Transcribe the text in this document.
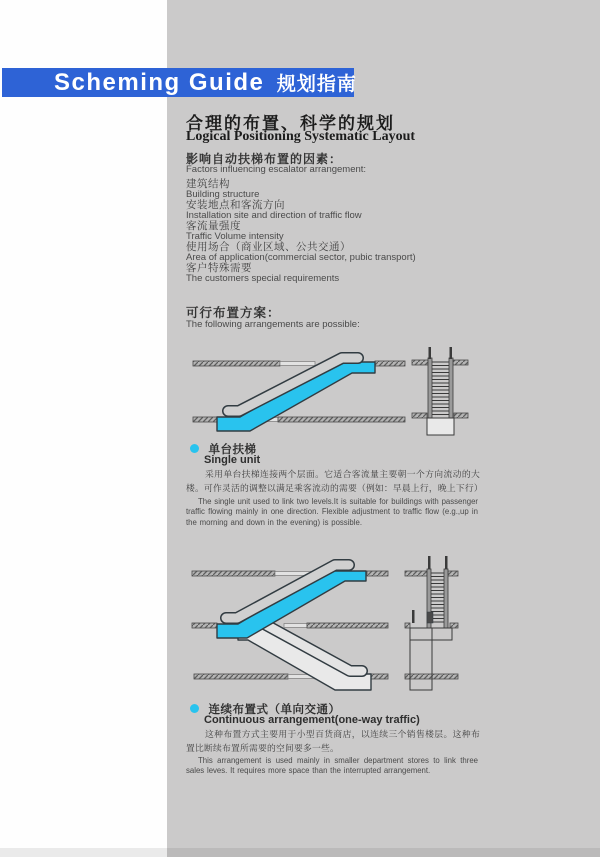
Scheming Guide 规划指南
合理的布置、科学的规划
Logical Positioning Systematic Layout
影响自动扶梯布置的因素：
Factors influencing escalator arrangement:
建筑结构
Building structure
安装地点和客流方向
Installation site and direction of traffic flow
客流量强度
Traffic Volume intensity
使用场合（商业区域、公共交通）
Area of application(commercial sector, pubic transport)
客户特殊需要
The customers special requirements
可行布置方案：
The following arrangements are possible:
单台扶梯
Single unit
采用单台扶梯连接两个层面。它适合客流量主要朝一个方向流动的大楼。可作灵活的调整以满足乘客流动的需要（例如：早晨上行，晚上下行）
The single unit used to link two levels.It is suitable for buildings with passenger traffic flowing mainly in one direction. Flexible adjustment to traffic flow (e.g.,up in the morning and down in the evening) is possible.
连续布置式（单向交通）
Continuous arrangement(one-way traffic)
这种布置方式主要用于小型百货商店，以连续三个销售楼层。这种布置比断续布置所需要的空间要多一些。
This arrangement is used mainly in smaller department stores to link three sales leves. It requires more space than the interrupted arrangement.
